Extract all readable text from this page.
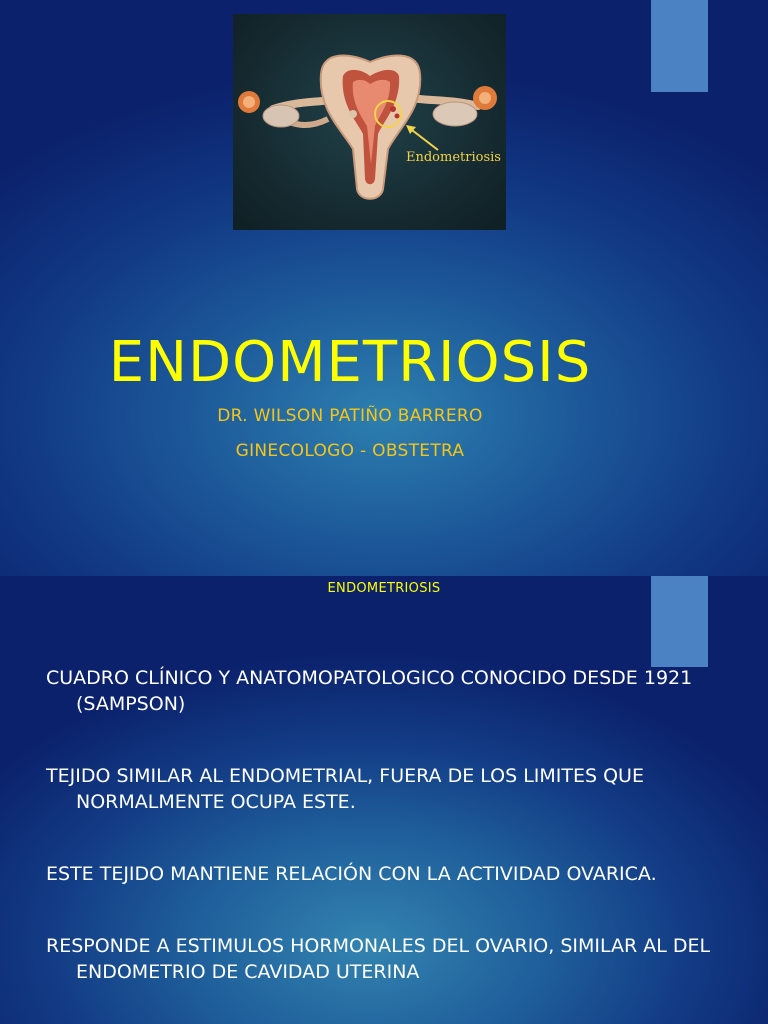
Endometriosis
ENDOMETRIOSIS
DR. WILSON PATIÑO BARRERO
GINECOLOGO - OBSTETRA
ENDOMETRIOSIS
CUADRO CLÍNICO Y ANATOMOPATOLOGICO CONOCIDO DESDE 1921 (SAMPSON)
TEJIDO SIMILAR AL ENDOMETRIAL, FUERA DE LOS LIMITES QUE NORMALMENTE OCUPA ESTE.
ESTE TEJIDO MANTIENE RELACIÓN CON LA ACTIVIDAD OVARICA.
RESPONDE A ESTIMULOS HORMONALES DEL OVARIO, SIMILAR AL DEL ENDOMETRIO DE CAVIDAD UTERINA
